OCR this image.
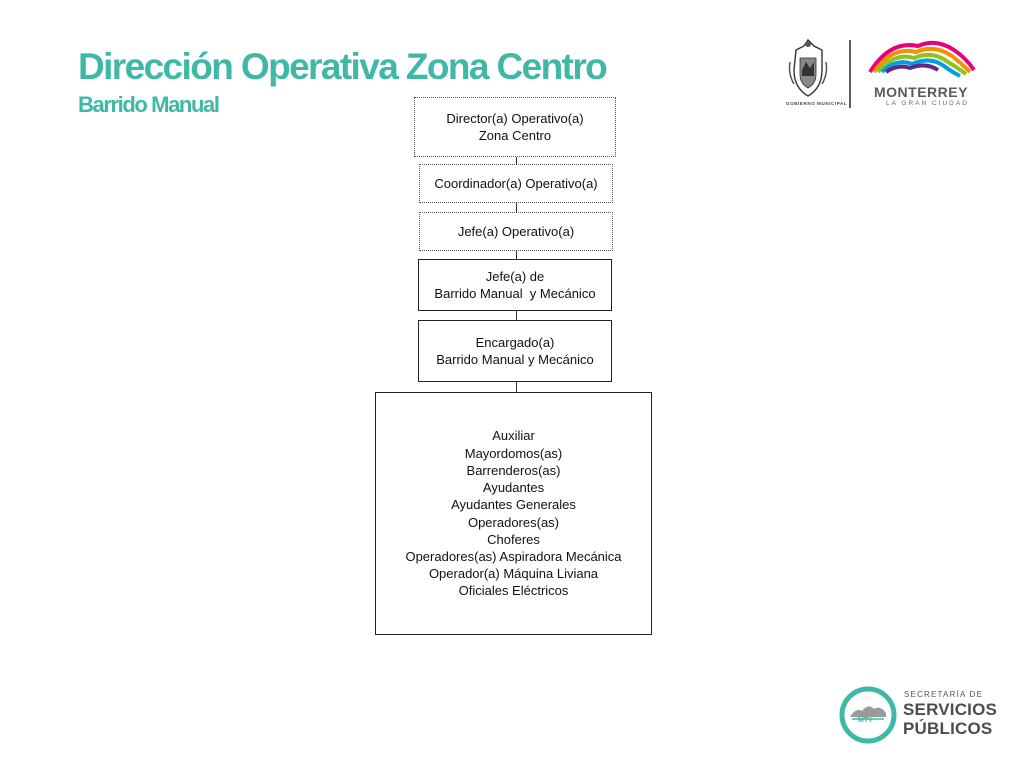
Dirección Operativa Zona Centro
Barrido Manual	GOBIERNO MUNICIPAL
MONTERREY
LA GRAN CIUDAD
Director(a) Operativo(a)
Zona Centro
Coordinador(a) Operativo(a)
Jefe(a) Operativo(a)
Jefe(a) de
Barrido Manual  y Mecánico
Encargado(a)
Barrido Manual y Mecánico
Auxiliar
Mayordomos(as)
Barrenderos(as)
Ayudantes
Ayudantes Generales
Operadores(as)
Choferes
Operadores(as) Aspiradora Mecánica
Operador(a) Máquina Liviana
Oficiales Eléctricos
MTY
SECRETARÍA DE
SERVICIOS
PÚBLICOS
